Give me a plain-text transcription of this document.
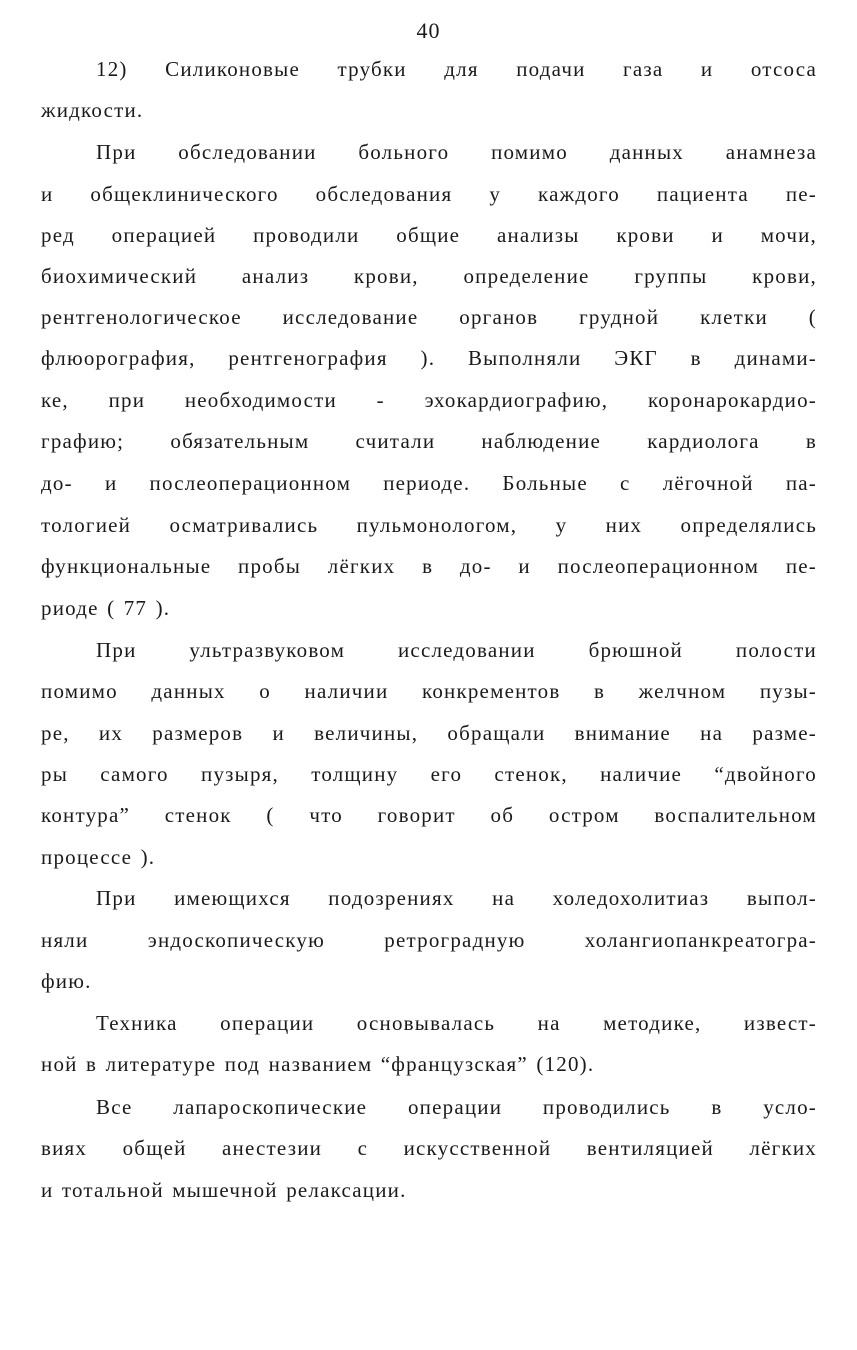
40
12) Силиконовые трубки для подачи газа и отсоса
жидкости.
При обследовании больного помимо данных анамнеза
и общеклинического обследования у каждого пациента пе-
ред операцией проводили общие анализы крови и мочи,
биохимический анализ крови, определение группы крови,
рентгенологическое исследование органов грудной клетки (
флюорография, рентгенография ). Выполняли ЭКГ в динами-
ке, при необходимости - эхокардиографию, коронарокардио-
графию; обязательным считали наблюдение кардиолога в
до- и послеоперационном периоде. Больные с лёгочной па-
тологией осматривались пульмонологом, у них определялись
функциональные пробы лёгких в до- и послеоперационном пе-
риоде ( 77 ).
При ультразвуковом исследовании брюшной полости
помимо данных о наличии конкрементов в желчном пузы-
ре, их размеров и величины, обращали внимание на разме-
ры самого пузыря, толщину его стенок, наличие “двойного
контура” стенок ( что говорит об остром воспалительном
процессе ).
При имеющихся подозрениях на холедохолитиаз выпол-
няли эндоскопическую ретроградную холангиопанкреатогра-
фию.
Техника операции основывалась на методике, извест-
ной в литературе под названием “французская” (120).
Все лапароскопические операции проводились в усло-
виях общей анестезии с искусственной вентиляцией лёгких
и тотальной мышечной релаксации.
